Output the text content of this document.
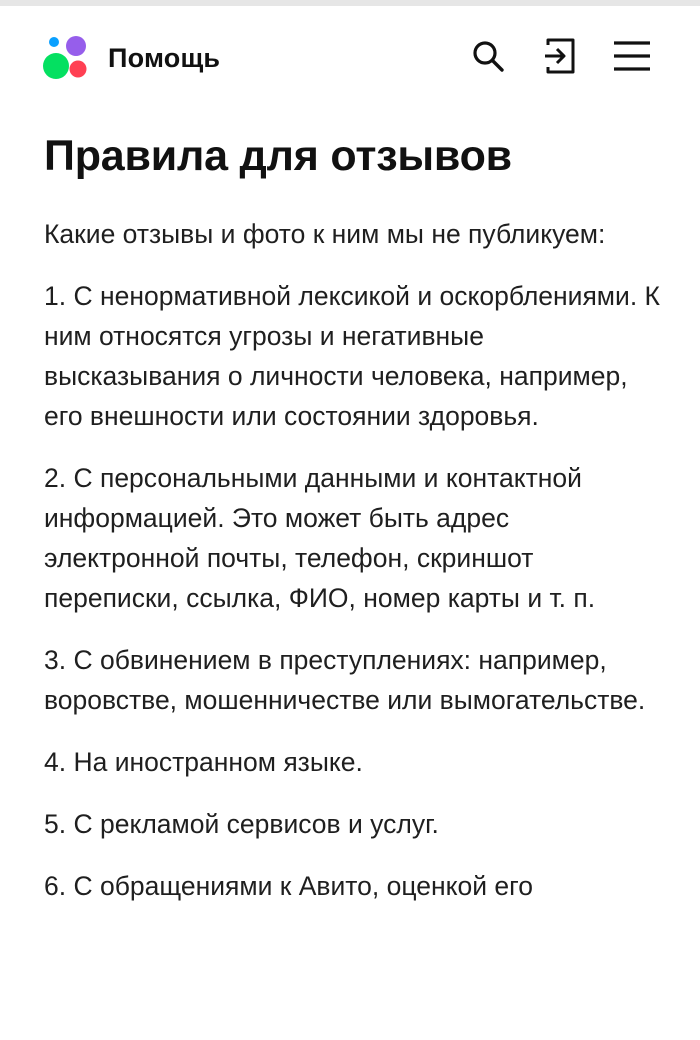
Помощь
Правила для отзывов

Какие отзывы и фото к ним мы не публикуем:

1. С ненормативной лексикой и оскорблениями. К ним относятся угрозы и негативные высказывания о личности человека, например, его внешности или состоянии здоровья.

2. С персональными данными и контактной информацией. Это может быть адрес электронной почты, телефон, скриншот переписки, ссылка, ФИО, номер карты и т. п.

3. С обвинением в преступлениях: например, воровстве, мошенничестве или вымогательстве.

4. На иностранном языке.

5. С рекламой сервисов и услуг.

6. С обращениями к Авито, оценкой его
